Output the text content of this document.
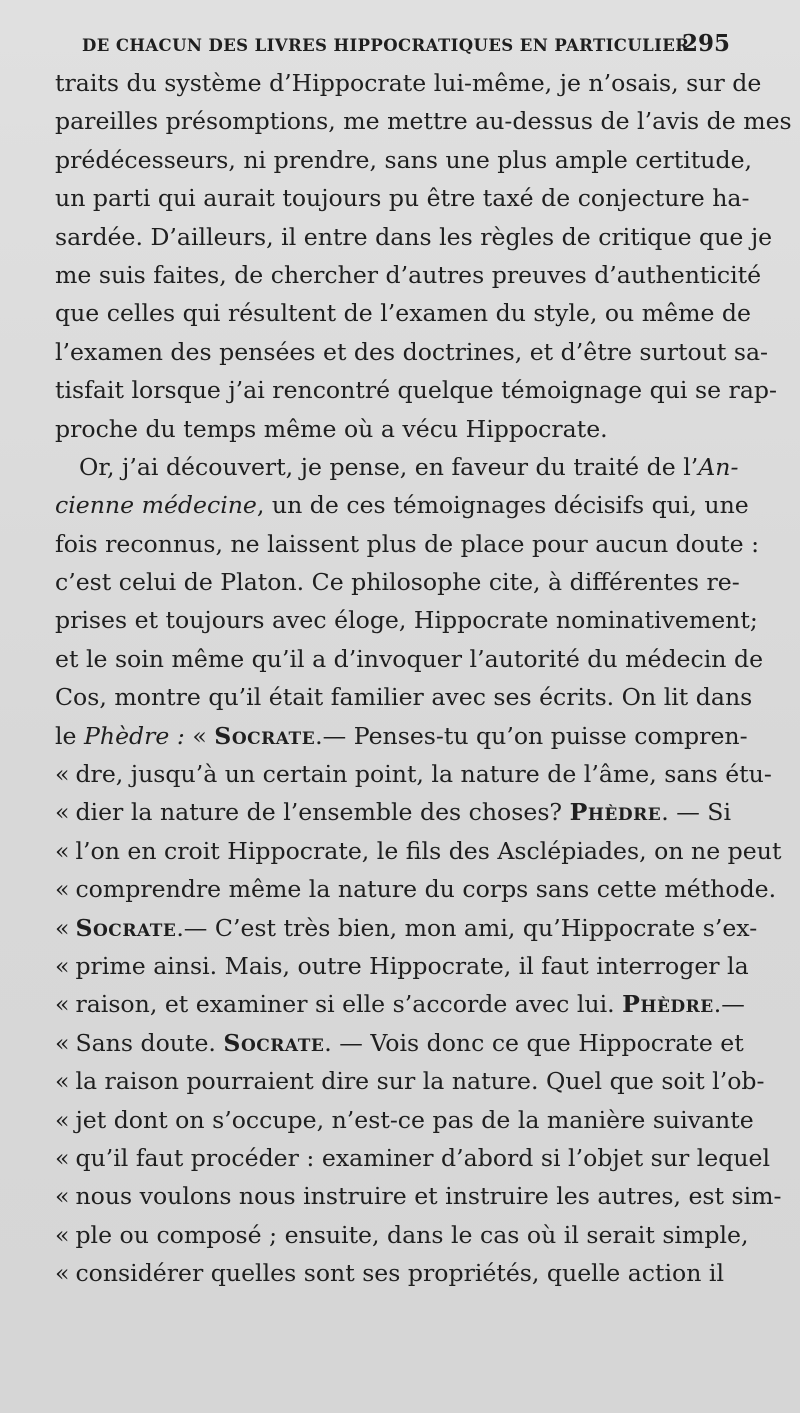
DE CHACUN DES LIVRES HIPPOCRATIQUES EN PARTICULIER.
295
traits du système d’Hippocrate lui-même, je n’osais, sur de
pareilles présomptions, me mettre au-dessus de l’avis de mes
prédécesseurs, ni prendre, sans une plus ample certitude,
un parti qui aurait toujours pu être taxé de conjecture ha-
sardée. D’ailleurs, il entre dans les règles de critique que je
me suis faites, de chercher d’autres preuves d’authenticité
que celles qui résultent de l’examen du style, ou même de
l’examen des pensées et des doctrines, et d’être surtout sa-
tisfait lorsque j’ai rencontré quelque témoignage qui se rap-
proche du temps même où a vécu Hippocrate.
Or, j’ai découvert, je pense, en faveur du traité de l’An-
cienne médecine, un de ces témoignages décisifs qui, une
fois reconnus, ne laissent plus de place pour aucun doute :
c’est celui de Platon. Ce philosophe cite, à différentes re-
prises et toujours avec éloge, Hippocrate nominativement;
et le soin même qu’il a d’invoquer l’autorité du médecin de
Cos, montre qu’il était familier avec ses écrits. On lit dans
le Phèdre : « Socrate.— Penses-tu qu’on puisse compren-
« dre, jusqu’à un certain point, la nature de l’âme, sans étu-
« dier la nature de l’ensemble des choses? Phèdre. — Si
« l’on en croit Hippocrate, le fils des Asclépiades, on ne peut
« comprendre même la nature du corps sans cette méthode.
« Socrate.— C’est très bien, mon ami, qu’Hippocrate s’ex-
« prime ainsi. Mais, outre Hippocrate, il faut interroger la
« raison, et examiner si elle s’accorde avec lui. Phèdre.—
« Sans doute. Socrate. — Vois donc ce que Hippocrate et
« la raison pourraient dire sur la nature. Quel que soit l’ob-
« jet dont on s’occupe, n’est-ce pas de la manière suivante
« qu’il faut procéder : examiner d’abord si l’objet sur lequel
« nous voulons nous instruire et instruire les autres, est sim-
« ple ou composé ; ensuite, dans le cas où il serait simple,
« considérer quelles sont ses propriétés, quelle action il
